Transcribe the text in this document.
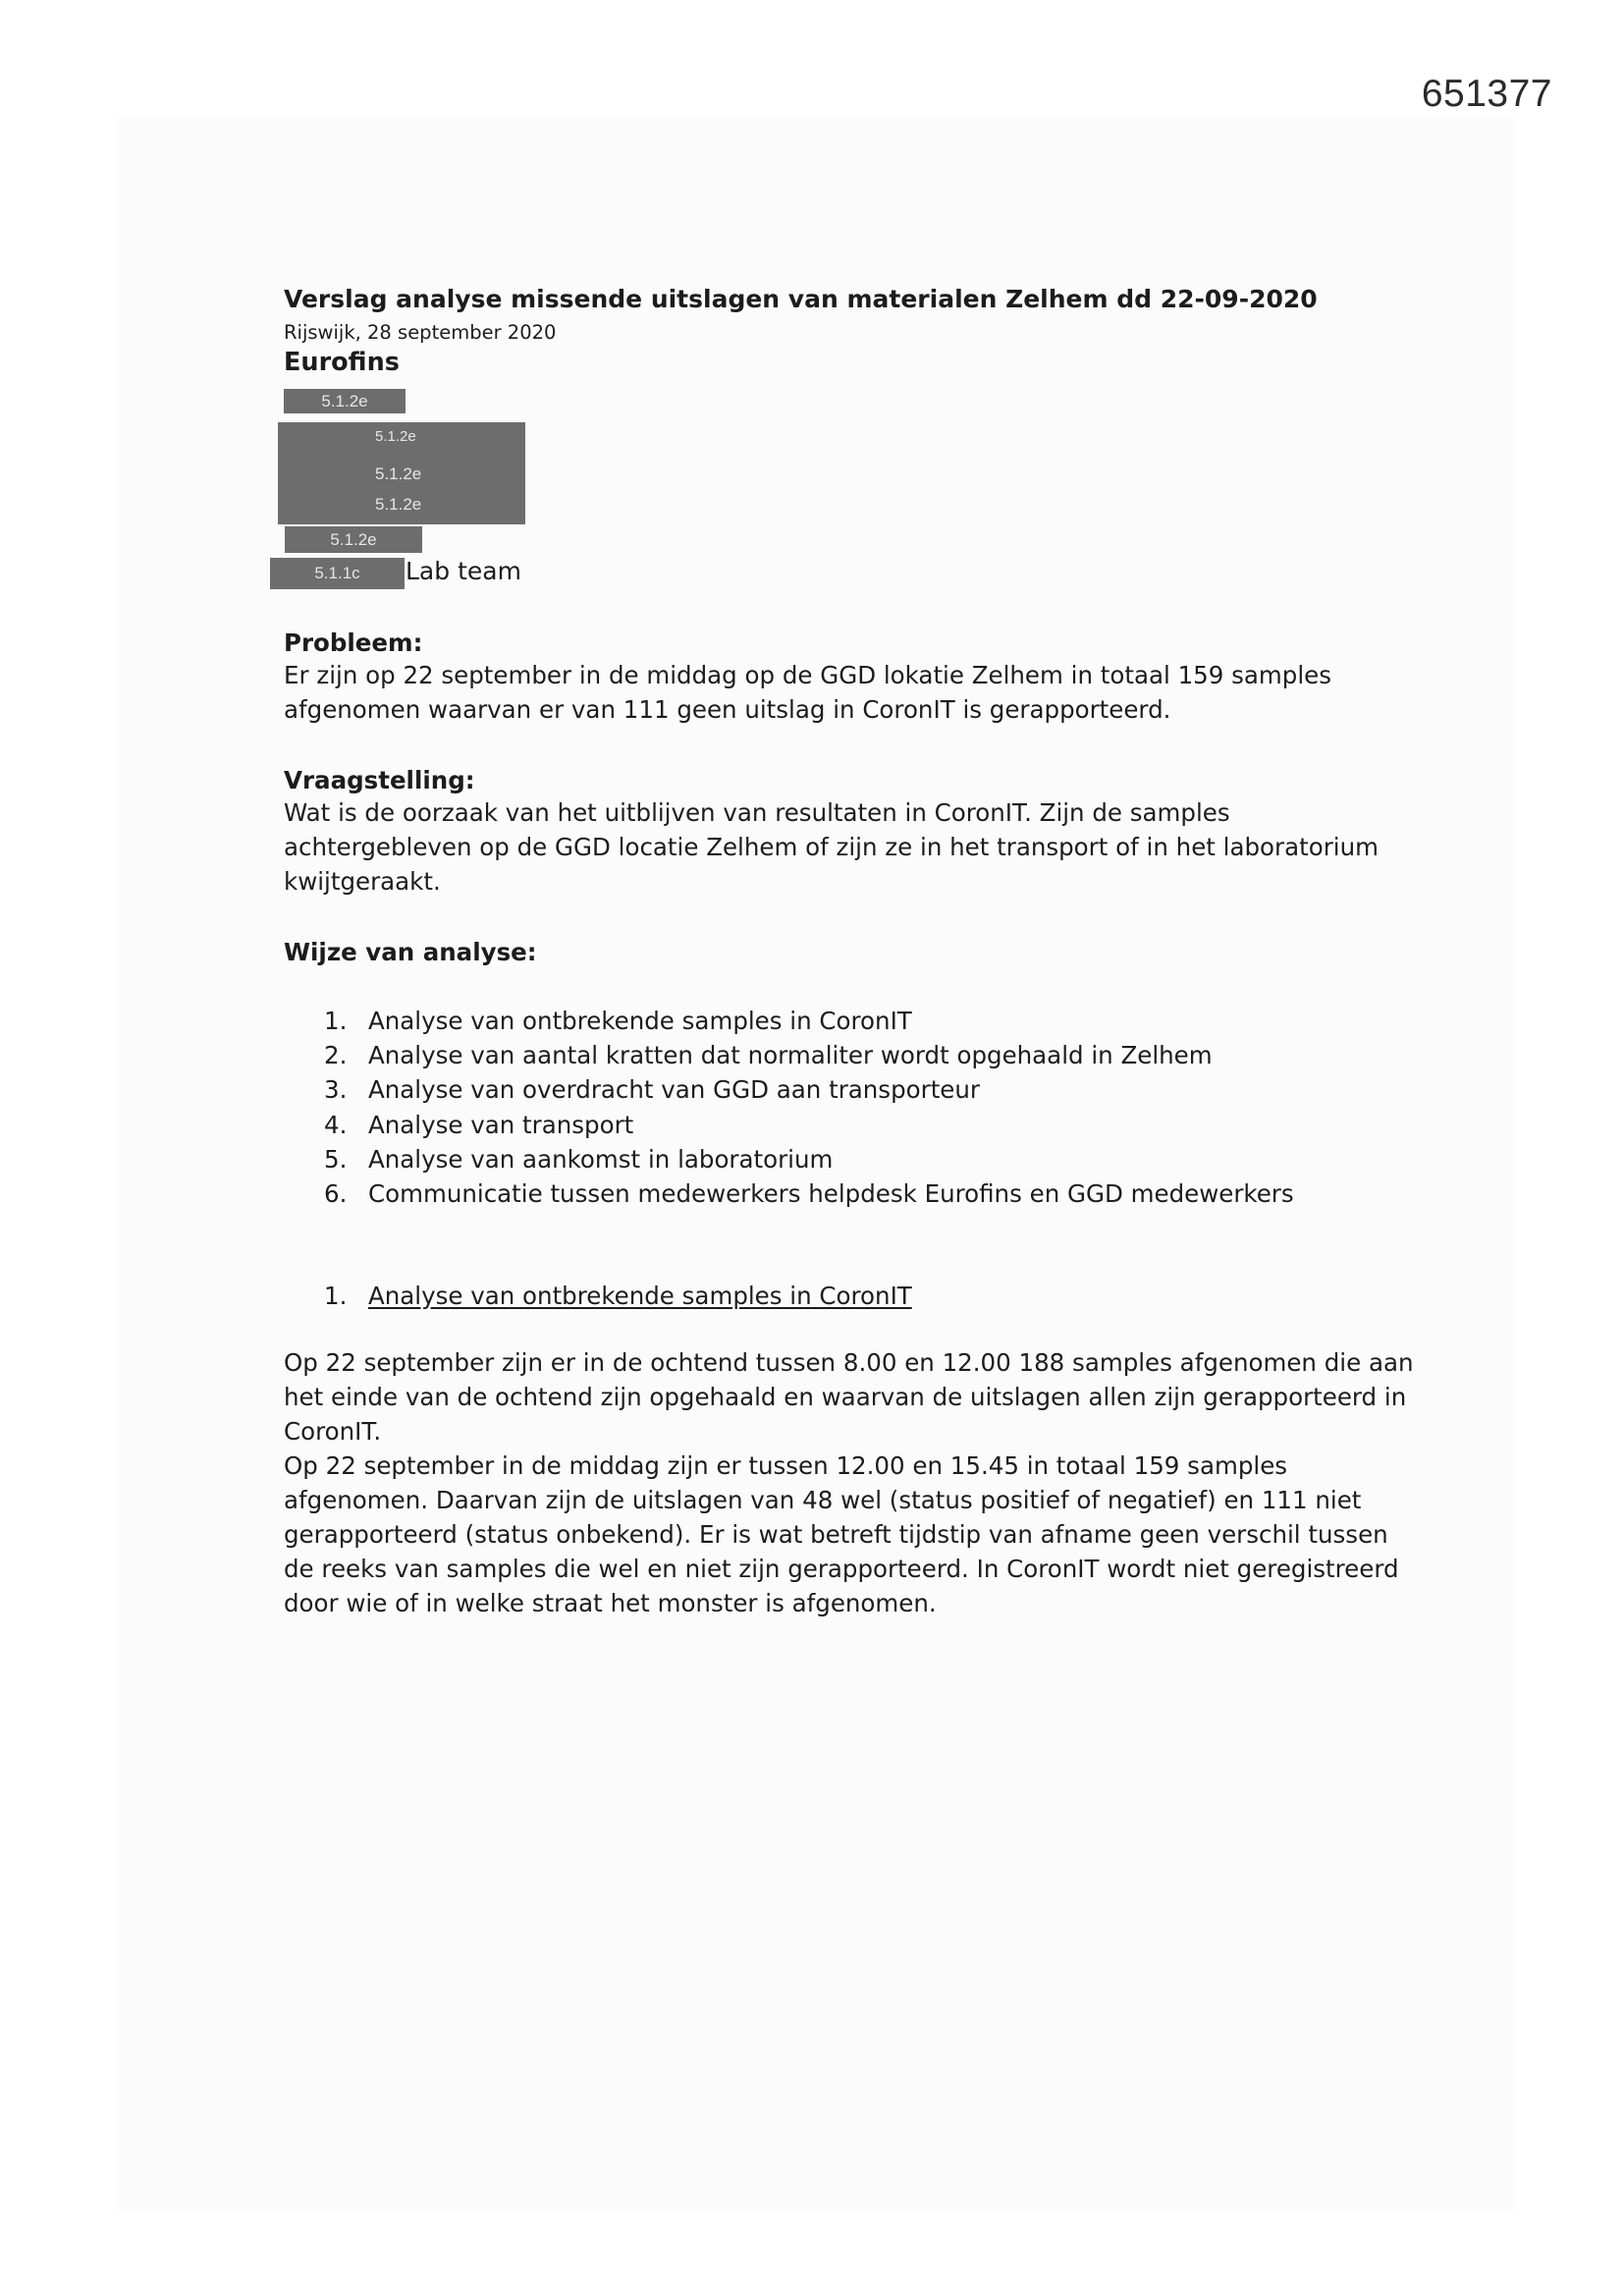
651377
Verslag analyse missende uitslagen van materialen Zelhem dd 22-09-2020
Rijswijk, 28 september 2020
Eurofins
5.1.2e
5.1.2e
5.1.2e
5.1.2e
5.1.2e
5.1.1c	Lab team
Probleem:
Er zijn op 22 september in de middag op de GGD lokatie Zelhem in totaal 159 samples
afgenomen waarvan er van 111 geen uitslag in CoronIT is gerapporteerd.
Vraagstelling:
Wat is de oorzaak van het uitblijven van resultaten in CoronIT. Zijn de samples
achtergebleven op de GGD locatie Zelhem of zijn ze in het transport of in het laboratorium
kwijtgeraakt.
Wijze van analyse:
1. Analyse van ontbrekende samples in CoronIT
2. Analyse van aantal kratten dat normaliter wordt opgehaald in Zelhem
3. Analyse van overdracht van GGD aan transporteur
4. Analyse van transport
5. Analyse van aankomst in laboratorium
6. Communicatie tussen medewerkers helpdesk Eurofins en GGD medewerkers
1. Analyse van ontbrekende samples in CoronIT
Op 22 september zijn er in de ochtend tussen 8.00 en 12.00 188 samples afgenomen die aan
het einde van de ochtend zijn opgehaald en waarvan de uitslagen allen zijn gerapporteerd in
CoronIT.
Op 22 september in de middag zijn er tussen 12.00 en 15.45 in totaal 159 samples
afgenomen. Daarvan zijn de uitslagen van 48 wel (status positief of negatief) en 111 niet
gerapporteerd (status onbekend). Er is wat betreft tijdstip van afname geen verschil tussen
de reeks van samples die wel en niet zijn gerapporteerd. In CoronIT wordt niet geregistreerd
door wie of in welke straat het monster is afgenomen.
